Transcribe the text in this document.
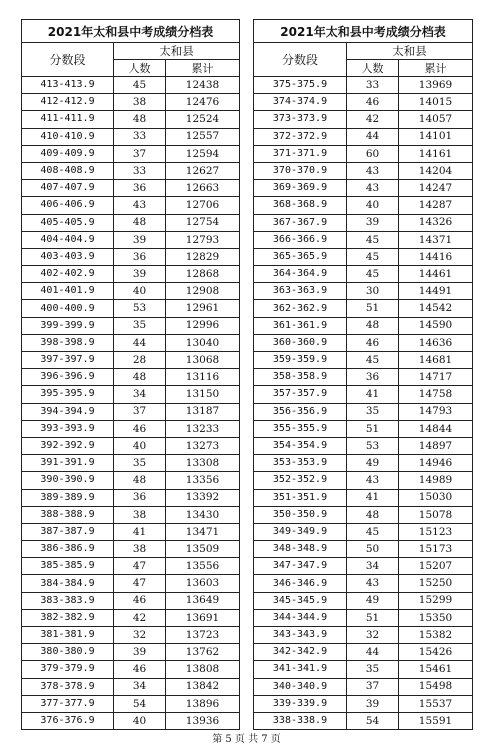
2021年太和县中考成绩分档表		
分数段	太和县	
	人数	累计
413-413.9	45	12438
412-412.9	38	12476
411-411.9	48	12524
410-410.9	33	12557
409-409.9	37	12594
408-408.9	33	12627
407-407.9	36	12663
406-406.9	43	12706
405-405.9	48	12754
404-404.9	39	12793
403-403.9	36	12829
402-402.9	39	12868
401-401.9	40	12908
400-400.9	53	12961
399-399.9	35	12996
398-398.9	44	13040
397-397.9	28	13068
396-396.9	48	13116
395-395.9	34	13150
394-394.9	37	13187
393-393.9	46	13233
392-392.9	40	13273
391-391.9	35	13308
390-390.9	48	13356
389-389.9	36	13392
388-388.9	38	13430
387-387.9	41	13471
386-386.9	38	13509
385-385.9	47	13556
384-384.9	47	13603
383-383.9	46	13649
382-382.9	42	13691
381-381.9	32	13723
380-380.9	39	13762
379-379.9	46	13808
378-378.9	34	13842
377-377.9	54	13896
376-376.9	40	13936
2021年太和县中考成绩分档表		
分数段	太和县	
	人数	累计
375-375.9	33	13969
374-374.9	46	14015
373-373.9	42	14057
372-372.9	44	14101
371-371.9	60	14161
370-370.9	43	14204
369-369.9	43	14247
368-368.9	40	14287
367-367.9	39	14326
366-366.9	45	14371
365-365.9	45	14416
364-364.9	45	14461
363-363.9	30	14491
362-362.9	51	14542
361-361.9	48	14590
360-360.9	46	14636
359-359.9	45	14681
358-358.9	36	14717
357-357.9	41	14758
356-356.9	35	14793
355-355.9	51	14844
354-354.9	53	14897
353-353.9	49	14946
352-352.9	43	14989
351-351.9	41	15030
350-350.9	48	15078
349-349.9	45	15123
348-348.9	50	15173
347-347.9	34	15207
346-346.9	43	15250
345-345.9	49	15299
344-344.9	51	15350
343-343.9	32	15382
342-342.9	44	15426
341-341.9	35	15461
340-340.9	37	15498
339-339.9	39	15537
338-338.9	54	15591
第 5 页 共 7 页
